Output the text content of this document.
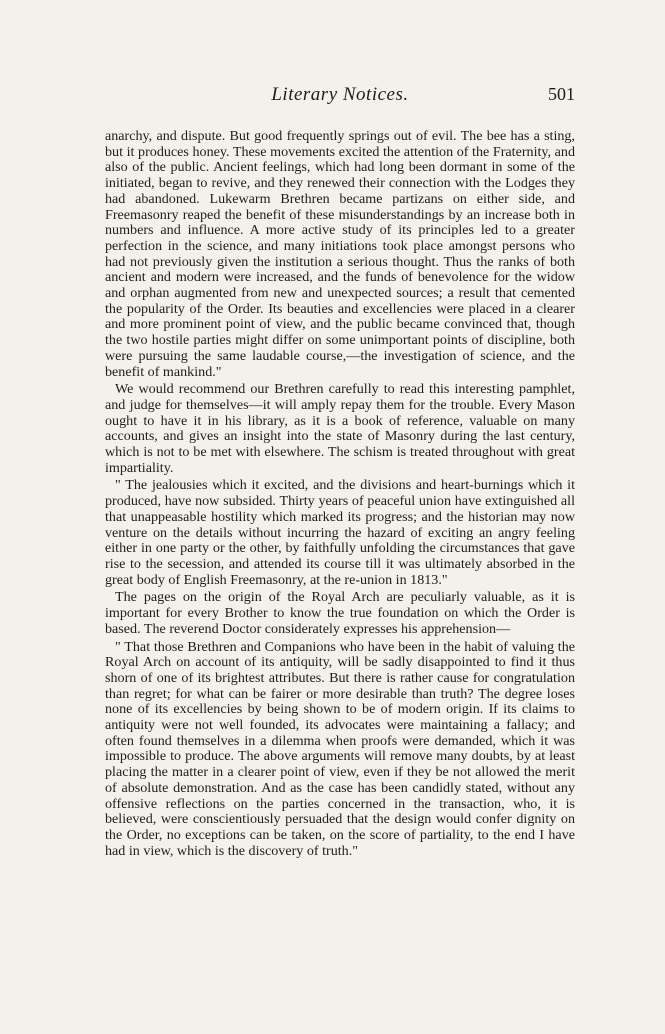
Literary Notices.	501

anarchy, and dispute. But good frequently springs out of evil. The bee has a sting, but it produces honey. These movements excited the attention of the Fraternity, and also of the public. Ancient feelings, which had long been dormant in some of the initiated, began to revive, and they renewed their connection with the Lodges they had abandoned. Lukewarm Brethren became partizans on either side, and Freemasonry reaped the benefit of these misunderstandings by an increase both in numbers and influence. A more active study of its principles led to a greater perfection in the science, and many initiations took place amongst persons who had not previously given the institution a serious thought. Thus the ranks of both ancient and modern were increased, and the funds of benevolence for the widow and orphan augmented from new and unexpected sources; a result that cemented the popularity of the Order. Its beauties and excellencies were placed in a clearer and more prominent point of view, and the public became convinced that, though the two hostile parties might differ on some unimportant points of discipline, both were pursuing the same laudable course,—the investigation of science, and the benefit of mankind."

We would recommend our Brethren carefully to read this interesting pamphlet, and judge for themselves—it will amply repay them for the trouble. Every Mason ought to have it in his library, as it is a book of reference, valuable on many accounts, and gives an insight into the state of Masonry during the last century, which is not to be met with elsewhere. The schism is treated throughout with great impartiality.

" The jealousies which it excited, and the divisions and heart-burnings which it produced, have now subsided. Thirty years of peaceful union have extinguished all that unappeasable hostility which marked its progress; and the historian may now venture on the details without incurring the hazard of exciting an angry feeling either in one party or the other, by faithfully unfolding the circumstances that gave rise to the secession, and attended its course till it was ultimately absorbed in the great body of English Freemasonry, at the re-union in 1813."

The pages on the origin of the Royal Arch are peculiarly valuable, as it is important for every Brother to know the true foundation on which the Order is based. The reverend Doctor considerately expresses his apprehension—

" That those Brethren and Companions who have been in the habit of valuing the Royal Arch on account of its antiquity, will be sadly disappointed to find it thus shorn of one of its brightest attributes. But there is rather cause for congratulation than regret; for what can be fairer or more desirable than truth? The degree loses none of its excellencies by being shown to be of modern origin. If its claims to antiquity were not well founded, its advocates were maintaining a fallacy; and often found themselves in a dilemma when proofs were demanded, which it was impossible to produce. The above arguments will remove many doubts, by at least placing the matter in a clearer point of view, even if they be not allowed the merit of absolute demonstration. And as the case has been candidly stated, without any offensive reflections on the parties concerned in the transaction, who, it is believed, were conscientiously persuaded that the design would confer dignity on the Order, no exceptions can be taken, on the score of partiality, to the end I have had in view, which is the discovery of truth."
